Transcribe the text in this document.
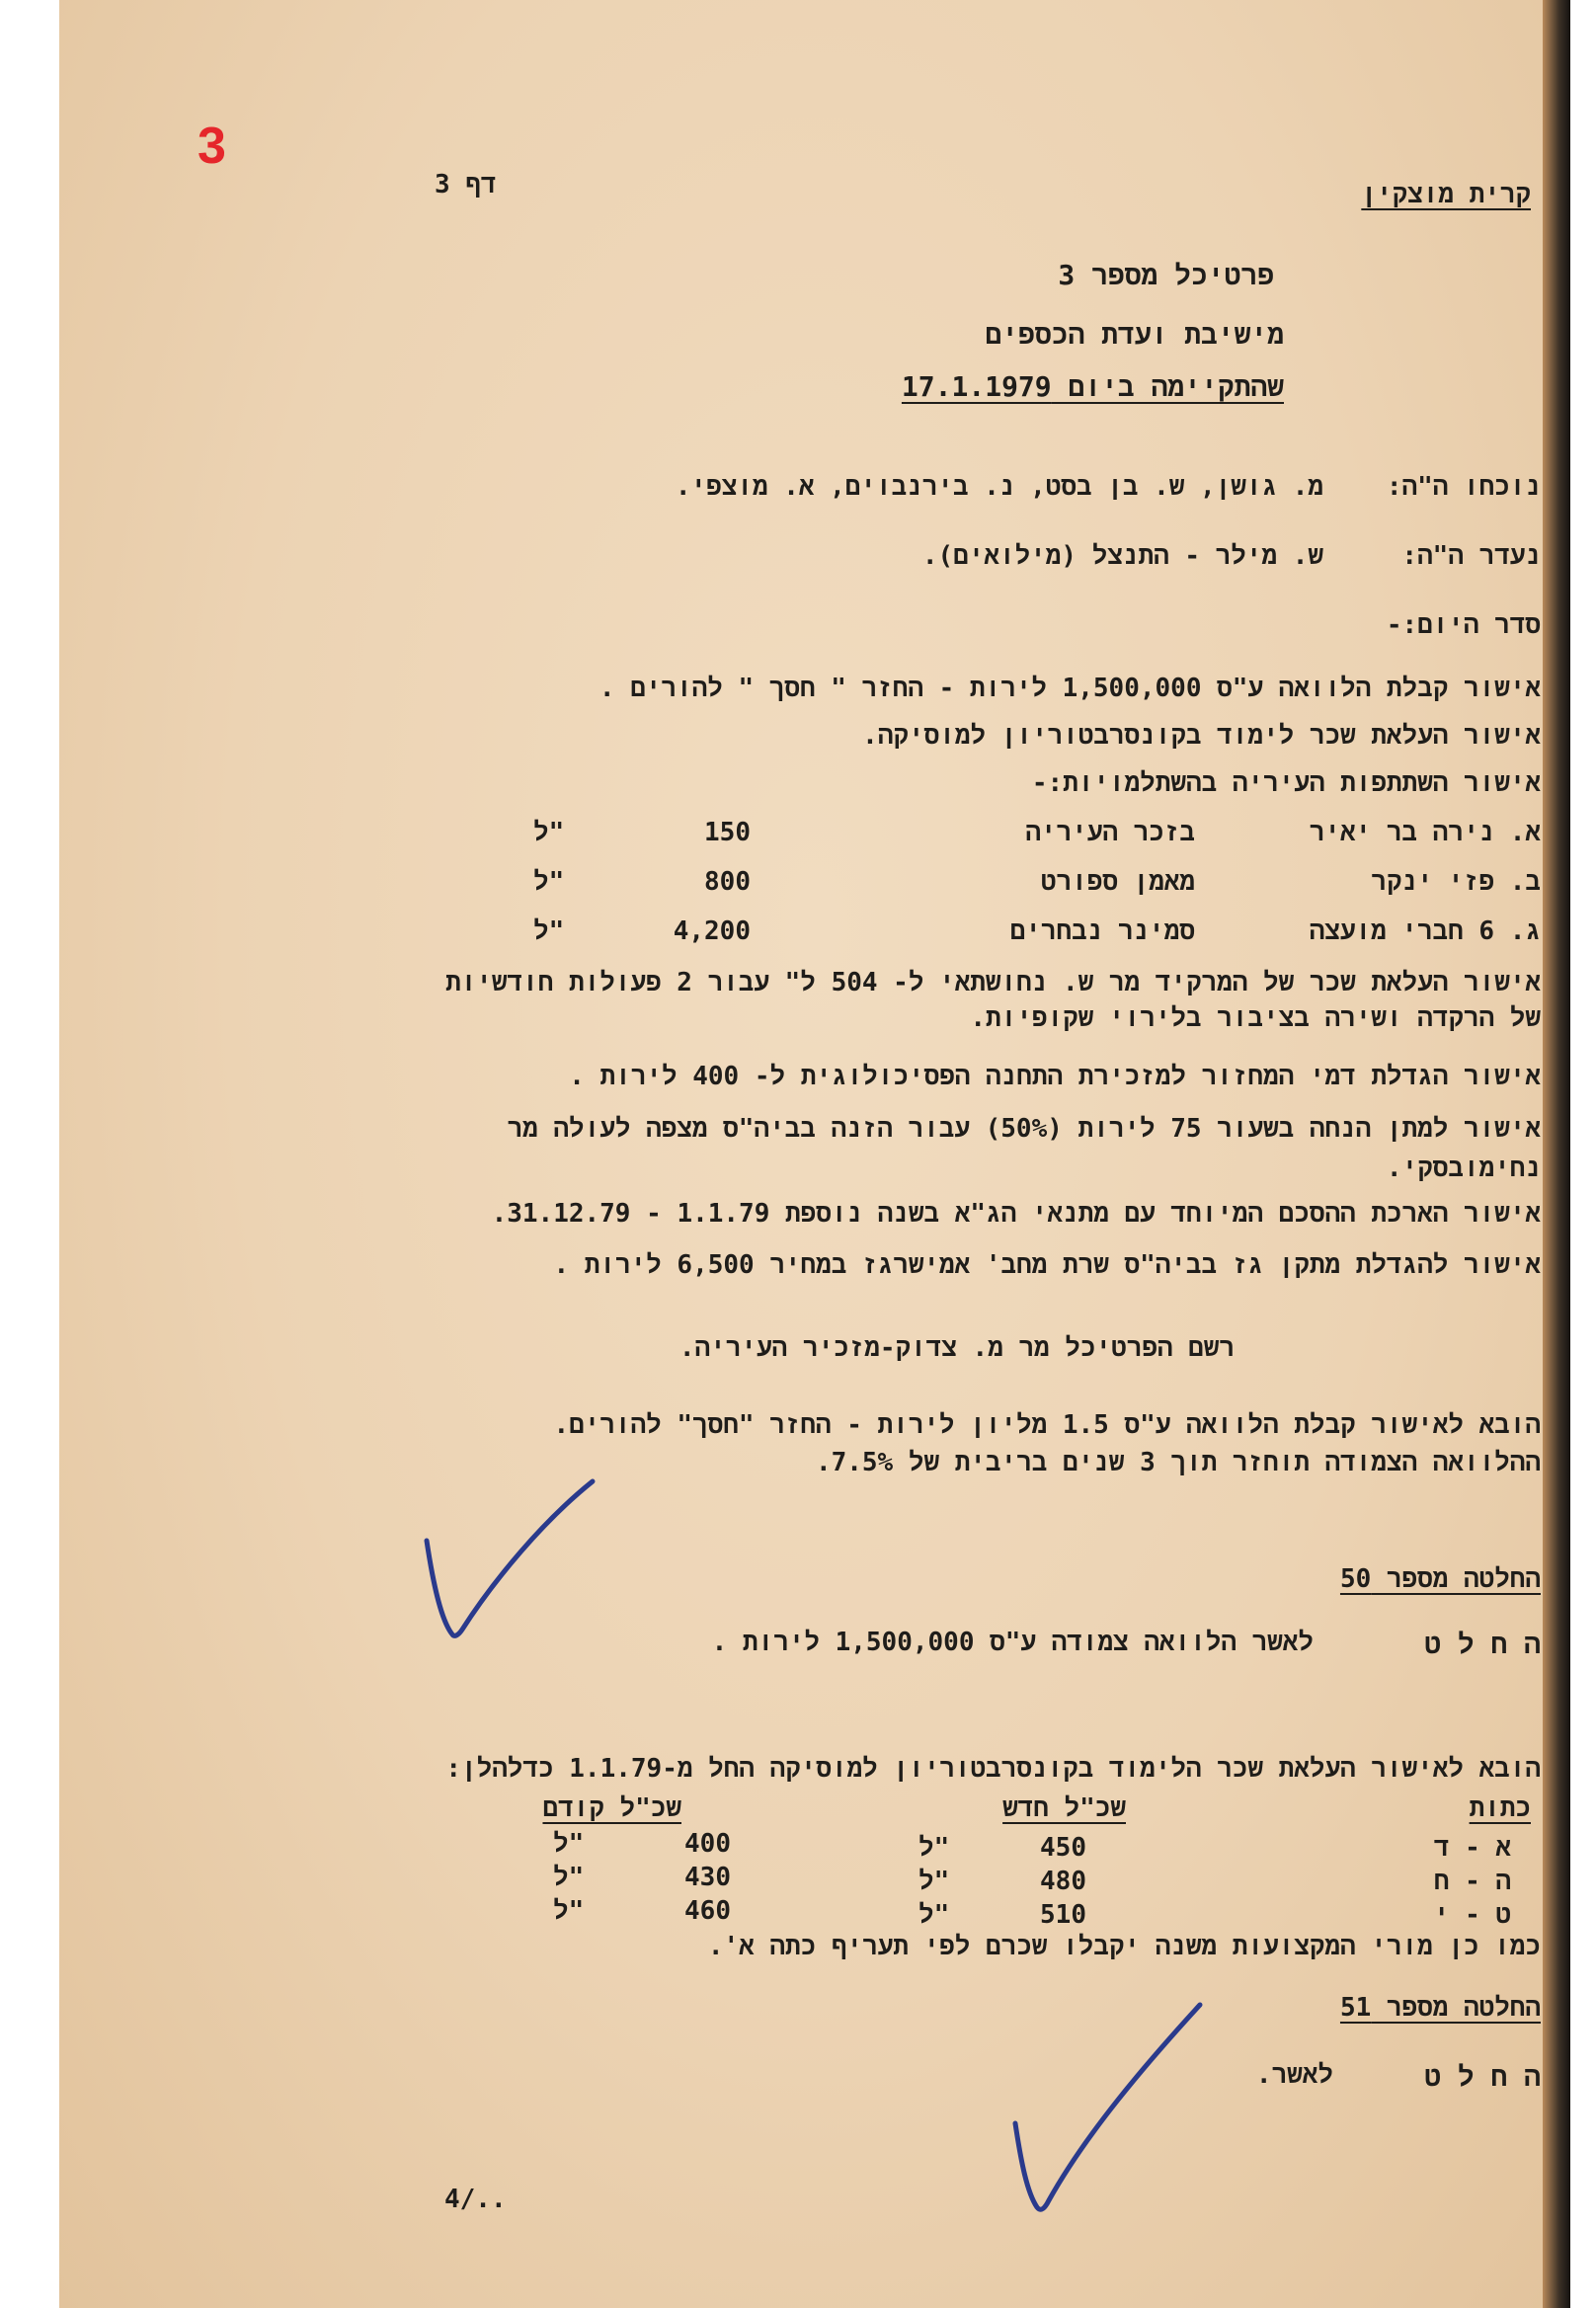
דף 3	קרית מוצקין
פרטיכל מספר 3
מישיבת ועדת הכספים
שהתקיימה ביום 17.1.1979
נוכחו ה"ה:
מ. גושן, ש. בן בסט, נ. בירנבוים, א. מוצפי.
נעדר ה"ה:
ש. מילר - התנצל (מילואים).
סדר היום:-
אישור קבלת הלוואה ע"ס 1,500,000 לירות - החזר " חסך " להורים .
אישור העלאת שכר לימוד בקונסרבטוריון למוסיקה.
אישור השתתפות העיריה בהשתלמויות:-
א. נירה בר יאיר
בזכר העיריה
150
ל"
ב. פזי ינקר
מאמן ספורט
800
ל"
ג. 6 חברי מועצה
סמינר נבחרים
4,200
ל"
אישור העלאת שכר של המרקיד מר ש. נחושתאי ל- 504 ל" עבור 2 פעולות חודשיות
של הרקדה ושירה בציבור בלירוי שקופיות.
אישור הגדלת דמי המחזור למזכירת התחנה הפסיכולוגית ל- 400 לירות .
אישור למתן הנחה בשעור 75 לירות (50%) עבור הזנה בביה"ס מצפה לעולה מר
נחימובסקי.
אישור הארכת ההסכם המיוחד עם מתנאי הג"א בשנה נוספת 1.1.79 - 31.12.79.
אישור להגדלת מתקן גז בביה"ס שרת מחב' אמישרגז במחיר 6,500 לירות .
רשם הפרטיכל מר מ. צדוק-מזכיר העיריה.
הובא לאישור קבלת הלוואה ע"ס 1.5 מליון לירות - החזר "חסך" להורים.
ההלוואה הצמודה תוחזר תוך 3 שנים בריבית של 7.5%.
החלטה מספר 50
ה ח ל ט
לאשר הלוואה צמודה ע"ס 1,500,000 לירות .
הובא לאישור העלאת שכר הלימוד בקונסרבטוריון למוסיקה החל מ-1.1.79 כדלהלן:
כתות
שכ"ל חדש
שכ"ל קודם
א - ד
450
ל"
400
ל"
ה - ח
480
ל"
430
ל"
ט - י
510
ל"
460
ל"
כמו כן מורי המקצועות משנה יקבלו שכרם לפי תעריף כתה א'.
החלטה מספר 51
ה ח ל ט
לאשר.
4/..
3
